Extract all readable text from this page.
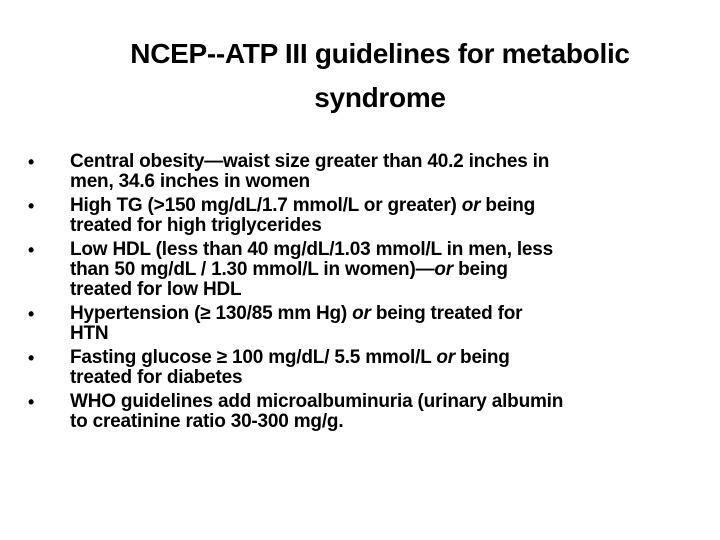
NCEP--ATP III guidelines for metabolic
syndrome
•	Central obesity—waist size greater than 40.2 inches in
men, 34.6 inches in women
•	High TG (>150 mg/dL/1.7 mmol/L or greater) or being
treated for high triglycerides
•	Low HDL (less than 40 mg/dL/1.03 mmol/L in men, less
than 50 mg/dL / 1.30 mmol/L in women)—or being
treated for low HDL
•	Hypertension (≥ 130/85 mm Hg) or being treated for
HTN
•	Fasting glucose ≥ 100 mg/dL/ 5.5 mmol/L or being
treated for diabetes
•	WHO guidelines add microalbuminuria (urinary albumin
to creatinine ratio 30-300 mg/g.
